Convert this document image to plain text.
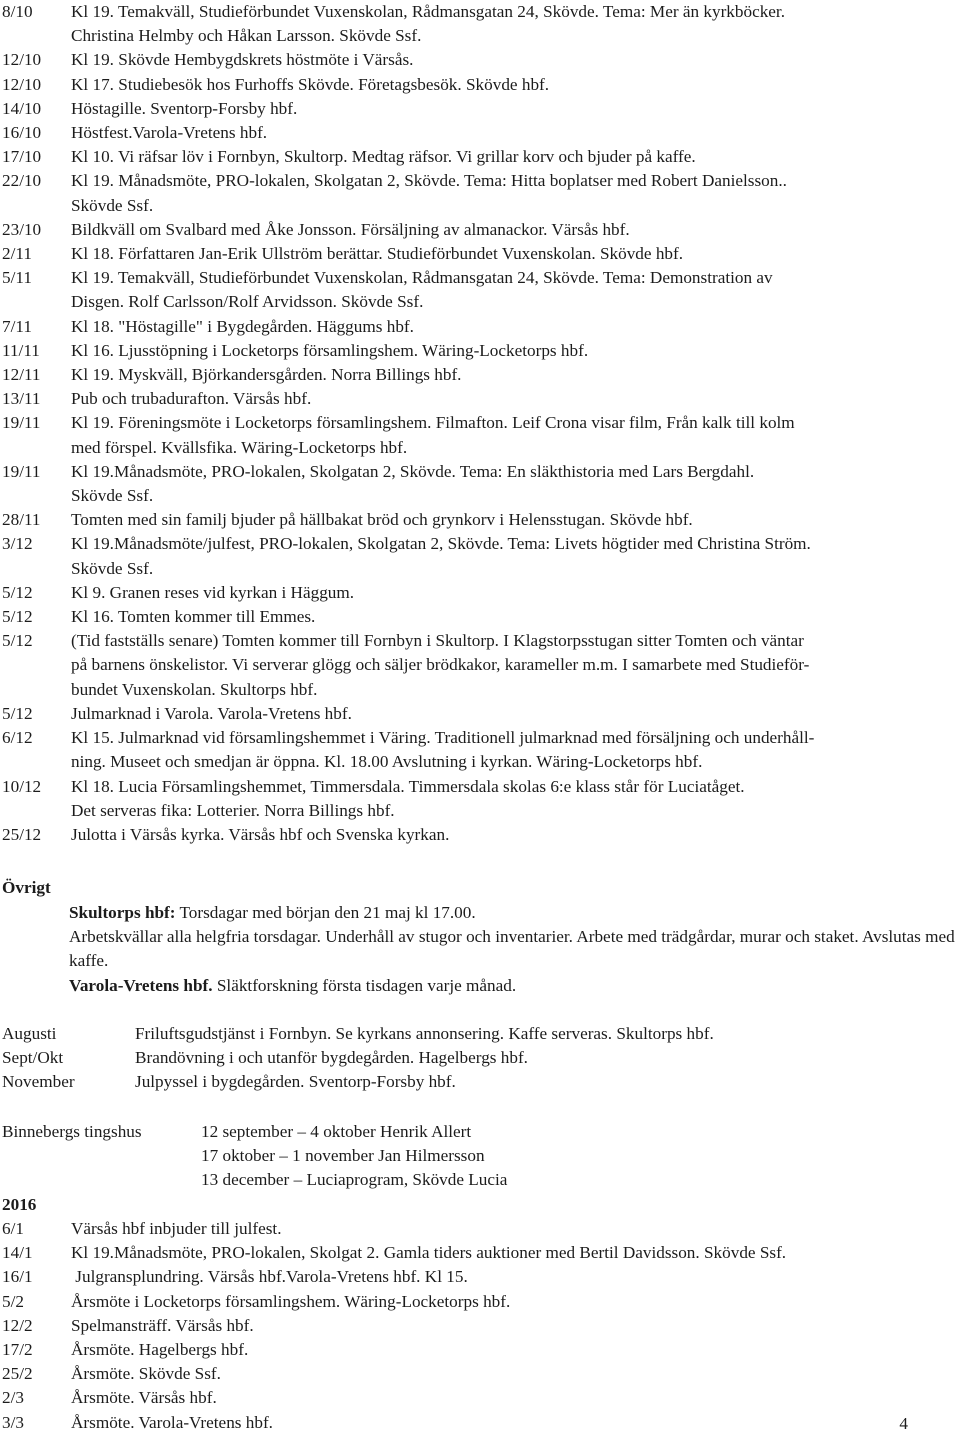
8/10	Kl 19. Temakväll, Studieförbundet Vuxenskolan, Rådmansgatan 24, Skövde. Tema: Mer än kyrkböcker.
Christina Helmby och Håkan Larsson. Skövde Ssf.
12/10	Kl 19. Skövde Hembygdskrets höstmöte i Värsås.
12/10	Kl 17. Studiebesök hos Furhoffs Skövde. Företagsbesök. Skövde hbf.
14/10	Höstagille. Sventorp-Forsby hbf.
16/10	Höstfest.Varola-Vretens hbf.
17/10	Kl 10. Vi räfsar löv i Fornbyn, Skultorp. Medtag räfsor. Vi grillar korv och bjuder på kaffe.
22/10	Kl 19. Månadsmöte, PRO-lokalen, Skolgatan 2, Skövde. Tema: Hitta boplatser med Robert Danielsson..
Skövde Ssf.
23/10	Bildkväll om Svalbard med Åke Jonsson. Försäljning av almanackor. Värsås hbf.
2/11	Kl 18. Författaren Jan-Erik Ullström berättar. Studieförbundet Vuxenskolan. Skövde hbf.
5/11	Kl 19. Temakväll, Studieförbundet Vuxenskolan, Rådmansgatan 24, Skövde. Tema: Demonstration av
Disgen. Rolf Carlsson/Rolf Arvidsson. Skövde Ssf.
7/11	Kl 18. "Höstagille" i Bygdegården. Häggums hbf.
11/11	Kl 16. Ljusstöpning i Locketorps församlingshem. Wäring-Locketorps hbf.
12/11	Kl 19. Myskväll, Björkandersgården. Norra Billings hbf.
13/11	Pub och trubadurafton. Värsås hbf.
19/11	Kl 19. Föreningsmöte i Locketorps församlingshem. Filmafton. Leif Crona visar film, Från kalk till kolm
med förspel. Kvällsfika. Wäring-Locketorps hbf.
19/11	Kl 19.Månadsmöte, PRO-lokalen, Skolgatan 2, Skövde. Tema: En släkthistoria med Lars Bergdahl.
Skövde Ssf.
28/11	Tomten med sin familj bjuder på hällbakat bröd och grynkorv i Helensstugan. Skövde hbf.
3/12	Kl 19.Månadsmöte/julfest, PRO-lokalen, Skolgatan 2, Skövde. Tema: Livets högtider med Christina Ström.
Skövde Ssf.
5/12	Kl 9. Granen reses vid kyrkan i Häggum.
5/12	Kl 16. Tomten kommer till Emmes.
5/12	(Tid fastställs senare) Tomten kommer till Fornbyn i Skultorp. I Klagstorpsstugan sitter Tomten och väntar
på barnens önskelistor. Vi serverar glögg och säljer brödkakor, karameller m.m. I samarbete med Studieför-
bundet Vuxenskolan. Skultorps hbf.
5/12	Julmarknad i Varola. Varola-Vretens hbf.
6/12	Kl 15. Julmarknad vid församlingshemmet i Väring. Traditionell julmarknad med försäljning och underhåll-
ning. Museet och smedjan är öppna. Kl. 18.00 Avslutning i kyrkan. Wäring-Locketorps hbf.
10/12	Kl 18. Lucia Församlingshemmet, Timmersdala. Timmersdala skolas 6:e klass står för Luciatåget.
Det serveras fika: Lotterier. Norra Billings hbf.
25/12	Julotta i Värsås kyrka. Värsås hbf och Svenska kyrkan.
Övrigt
Skultorps hbf: Torsdagar med början den 21 maj kl 17.00.
Arbetskvällar alla helgfria torsdagar. Underhåll av stugor och inventarier. Arbete med trädgårdar, murar och staket. Avslutas med kaffe.
Varola-Vretens hbf. Släktforskning första tisdagen varje månad.
Augusti	Friluftsgudstjänst i Fornbyn. Se kyrkans annonsering. Kaffe serveras. Skultorps hbf.
Sept/Okt	Brandövning i och utanför bygdegården. Hagelbergs hbf.
November	Julpyssel i bygdegården. Sventorp-Forsby hbf.
Binnebergs tingshus	12 september – 4 oktober Henrik Allert
17 oktober – 1 november Jan Hilmersson
13 december – Luciaprogram, Skövde Lucia
2016
6/1	Värsås hbf inbjuder till julfest.
14/1	Kl 19.Månadsmöte, PRO-lokalen, Skolgat 2. Gamla tiders auktioner med Bertil Davidsson. Skövde Ssf.
16/1	Julgransplundring. Värsås hbf.Varola-Vretens hbf. Kl 15.
5/2	Årsmöte i Locketorps församlingshem. Wäring-Locketorps hbf.
12/2	Spelmansträff. Värsås hbf.
17/2	Årsmöte. Hagelbergs hbf.
25/2	Årsmöte. Skövde Ssf.
2/3	Årsmöte. Värsås hbf.
3/3	Årsmöte. Varola-Vretens hbf.	4
